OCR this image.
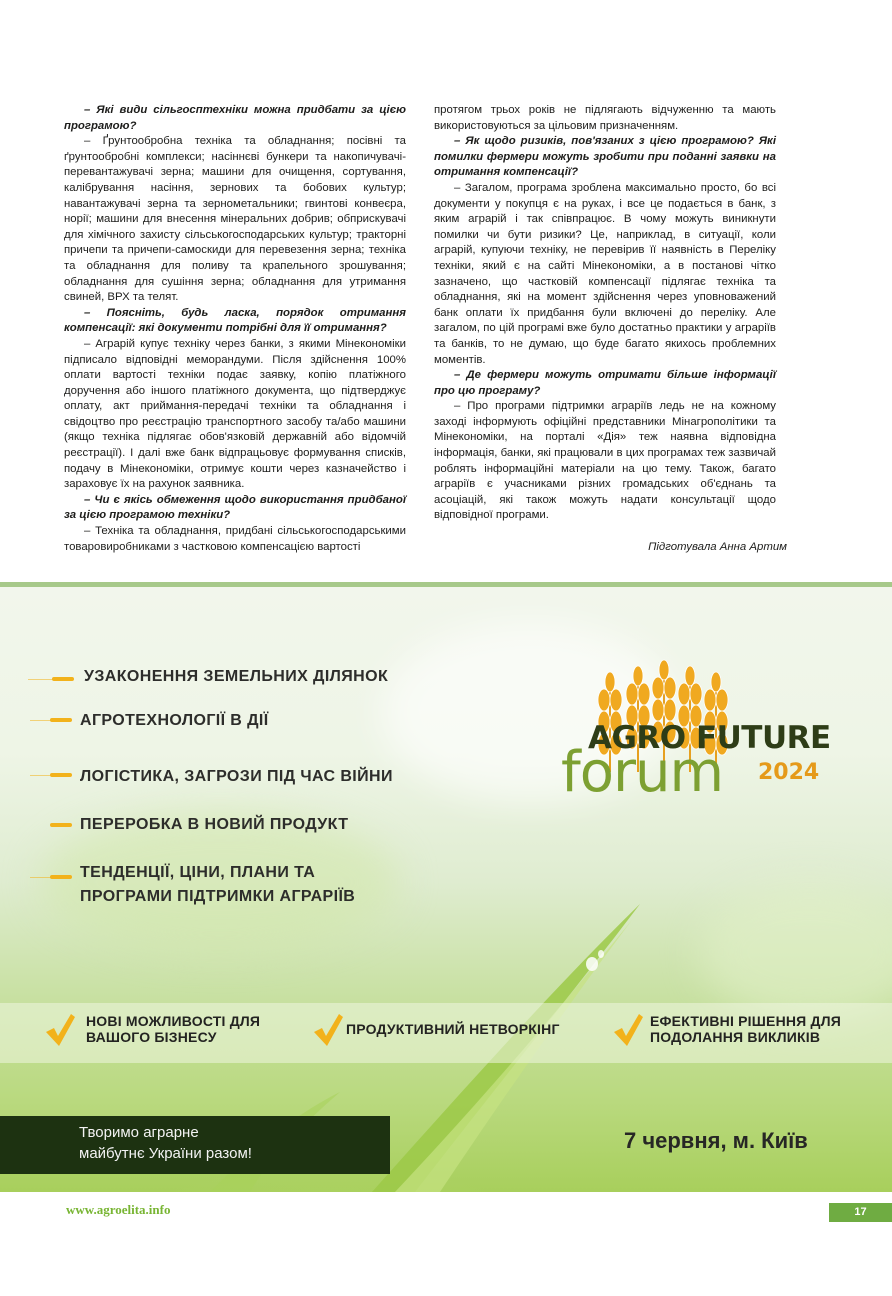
– Які види сільгосптехніки можна придбати за цією програмою?

– Ґрунтообробна техніка та обладнання; посівні та ґрунтообробні комплекси; насіннєві бункери та накопичувачі-перевантажувачі зерна; машини для очищення, сортування, калібрування насіння, зернових та бобових культур; навантажувачі зерна та зернометальники; гвинтові конвеєра, норії; машини для внесення мінеральних добрив; обприскувачі для хімічного захисту сільськогосподарських культур; тракторні причепи та причепи-самоскиди для перевезення зерна; техніка та обладнання для поливу та крапельного зрошування; обладнання для сушіння зерна; обладнання для утримання свиней, ВРХ та телят.

– Поясніть, будь ласка, порядок отримання компенсації: які документи потрібні для її отримання?

– Аграрій купує техніку через банки, з якими Мінекономіки підписало відповідні меморандуми. Після здійснення 100% оплати вартості техніки подає заявку, копію платіжного доручення або іншого платіжного документа, що підтверджує оплату, акт приймання-передачі техніки та обладнання і свідоцтво про реєстрацію транспортного засобу та/або машини (якщо техніка підлягає обов'язковій державній або відомчій реєстрації). І далі вже банк відпрацьовує формування списків, подачу в Мінекономіки, отримує кошти через казначейство і зараховує їх на рахунок заявника.

– Чи є якісь обмеження щодо використання придбаної за цією програмою техніки?

– Техніка та обладнання, придбані сільськогосподарськими товаровиробниками з частковою компенсацією вартості

протягом трьох років не підлягають відчуженню та мають використовуються за цільовим призначенням.

– Як щодо ризиків, пов'язаних з цією програмою? Які помилки фермери можуть зробити при поданні заявки на отримання компенсації?

– Загалом, програма зроблена максимально просто, бо всі документи у покупця є на руках, і все це подається в банк, з яким аграрій і так співпрацює. В чому можуть виникнути помилки чи бути ризики? Це, наприклад, в ситуації, коли аграрій, купуючи техніку, не перевірив її наявність в Переліку техніки, який є на сайті Мінекономіки, а в постанові чітко зазначено, що частковій компенсації підлягає техніка та обладнання, які на момент здійснення через уповноважений банк оплати їх придбання були включені до переліку. Але загалом, по цій програмі вже було достатньо практики у аграріїв та банків, то не думаю, що буде багато якихось проблемних моментів.

– Де фермери можуть отримати більше інформації про цю програму?

– Про програми підтримки аграріїв ледь не на кожному заході інформують офіційні представники Мінагрополітики та Мінекономіки, на порталі «Дія» теж наявна відповідна інформація, банки, які працювали в цих програмах теж зазвичай роблять інформаційні матеріали на цю тему. Також, багато аграріїв є учасниками різних громадських об'єднань та асоціацій, які також можуть надати консультації щодо відповідної програми.

Підготувала Анна Артим
УЗАКОНЕННЯ ЗЕМЕЛЬНИХ ДІЛЯНОК
АГРОТЕХНОЛОГІЇ В ДІЇ
ЛОГІСТИКА, ЗАГРОЗИ ПІД ЧАС ВІЙНИ
ПЕРЕРОБКА В НОВИЙ ПРОДУКТ
ТЕНДЕНЦІЇ, ЦІНИ, ПЛАНИ ТА
ПРОГРАМИ ПІДТРИМКИ АГРАРІЇВ
AGRO FUTURE
forum 2024
НОВІ МОЖЛИВОСТІ ДЛЯ
ВАШОГО БІЗНЕСУ	ПРОДУКТИВНИЙ НЕТВОРКІНГ	ЕФЕКТИВНІ РІШЕННЯ ДЛЯ
ПОДОЛАННЯ ВИКЛИКІВ
Творимо аграрне
майбутнє України разом!
7 червня, м. Київ
www.agroelita.info	17
